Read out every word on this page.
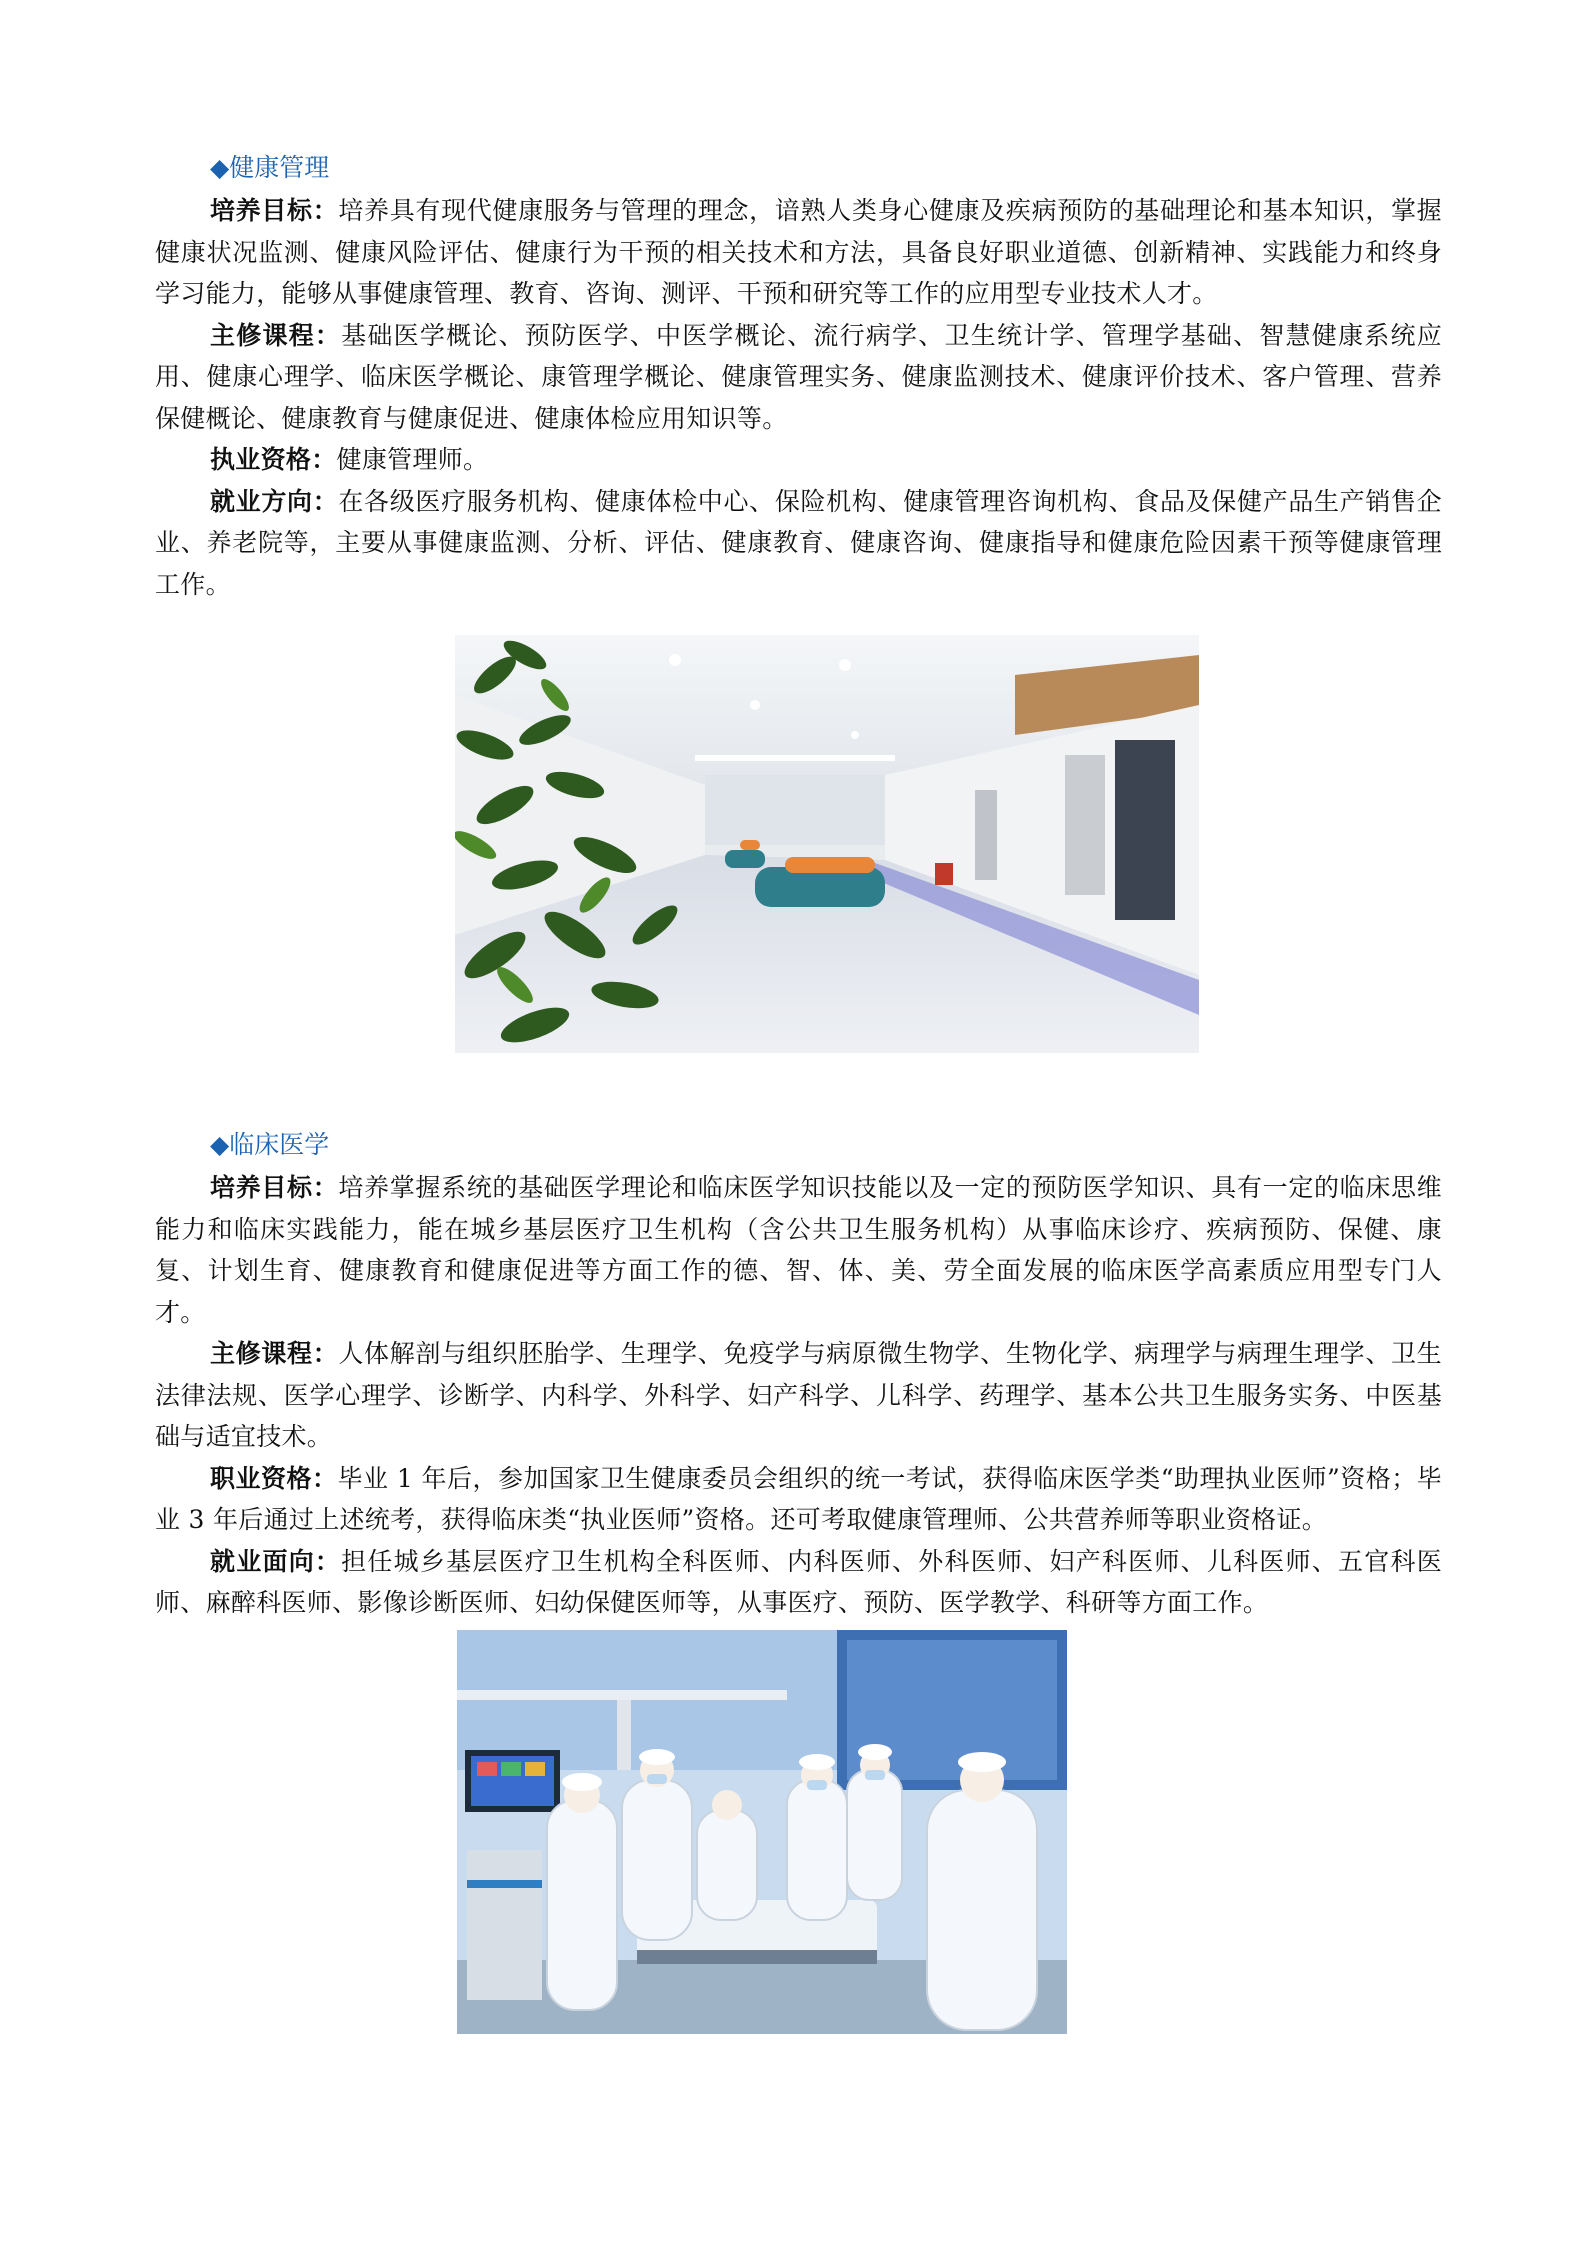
◆健康管理

培养目标：培养具有现代健康服务与管理的理念，谙熟人类身心健康及疾病预防的基础理论和基本知识，掌握健康状况监测、健康风险评估、健康行为干预的相关技术和方法，具备良好职业道德、创新精神、实践能力和终身学习能力，能够从事健康管理、教育、咨询、测评、干预和研究等工作的应用型专业技术人才。

主修课程：基础医学概论、预防医学、中医学概论、流行病学、卫生统计学、管理学基础、智慧健康系统应用、健康心理学、临床医学概论、康管理学概论、健康管理实务、健康监测技术、健康评价技术、客户管理、营养保健概论、健康教育与健康促进、健康体检应用知识等。

执业资格：健康管理师。

就业方向：在各级医疗服务机构、健康体检中心、保险机构、健康管理咨询机构、食品及保健产品生产销售企业、养老院等，主要从事健康监测、分析、评估、健康教育、健康咨询、健康指导和健康危险因素干预等健康管理工作。

◆临床医学

培养目标：培养掌握系统的基础医学理论和临床医学知识技能以及一定的预防医学知识、具有一定的临床思维能力和临床实践能力，能在城乡基层医疗卫生机构（含公共卫生服务机构）从事临床诊疗、疾病预防、保健、康复、计划生育、健康教育和健康促进等方面工作的德、智、体、美、劳全面发展的临床医学高素质应用型专门人才。

主修课程：人体解剖与组织胚胎学、生理学、免疫学与病原微生物学、生物化学、病理学与病理生理学、卫生法律法规、医学心理学、诊断学、内科学、外科学、妇产科学、儿科学、药理学、基本公共卫生服务实务、中医基础与适宜技术。

职业资格：毕业 1 年后，参加国家卫生健康委员会组织的统一考试，获得临床医学类“助理执业医师”资格；毕业 3 年后通过上述统考，获得临床类“执业医师”资格。还可考取健康管理师、公共营养师等职业资格证。

就业面向：担任城乡基层医疗卫生机构全科医师、内科医师、外科医师、妇产科医师、儿科医师、五官科医师、麻醉科医师、影像诊断医师、妇幼保健医师等，从事医疗、预防、医学教学、科研等方面工作。
